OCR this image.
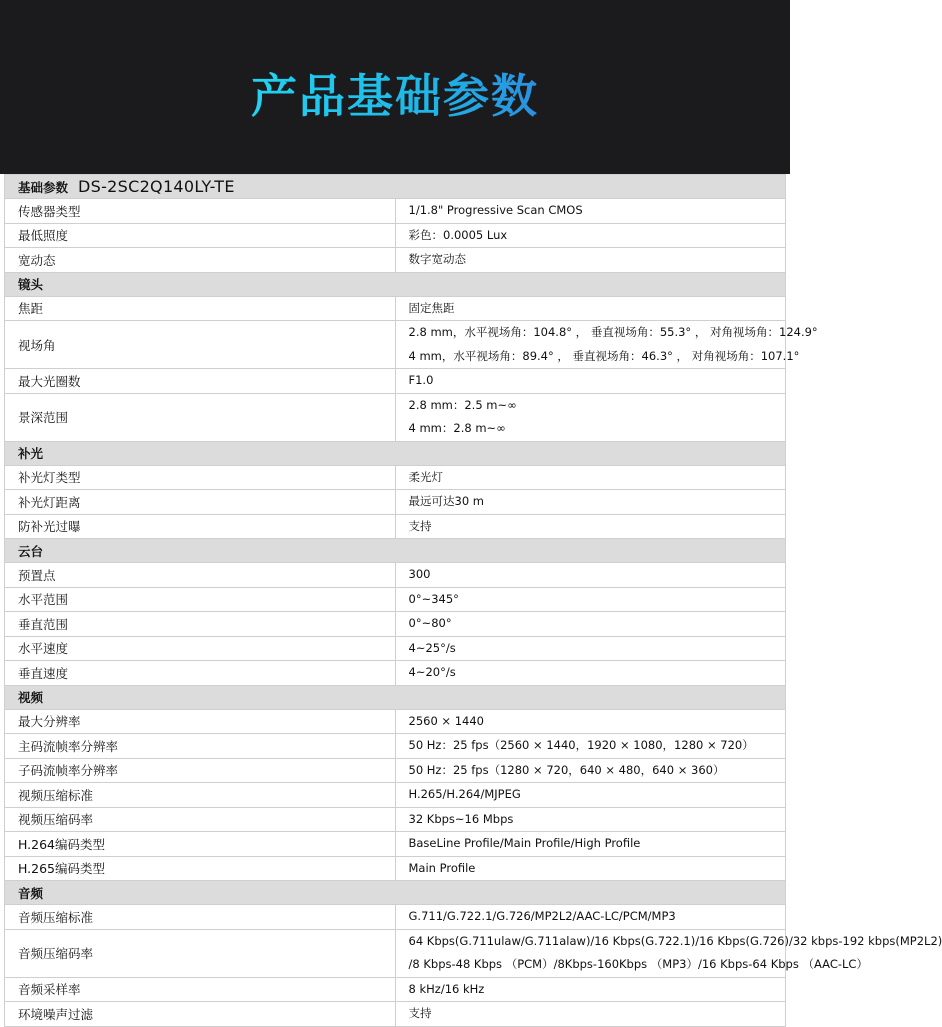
产品基础参数
基础参数 DS-2SC2Q140LY-TE	
传感器类型	1/1.8" Progressive Scan CMOS

最低照度	彩色：0.0005 Lux

宽动态	数字宽动态

镜头	
焦距	固定焦距

视场角	2.8 mm，水平视场角：104.8° ， 垂直视场角：55.3° ， 对角视场角：124.9°
4 mm，水平视场角：89.4° ， 垂直视场角：46.3° ， 对角视场角：107.1°

最大光圈数	F1.0

景深范围	2.8 mm：2.5 m~∞
4 mm：2.8 m~∞

补光	
补光灯类型	柔光灯

补光灯距离	最远可达30 m

防补光过曝	支持

云台	
预置点	300

水平范围	0°~345°

垂直范围	0°~80°

水平速度	4~25°/s

垂直速度	4~20°/s

视频	
最大分辨率	2560 × 1440

主码流帧率分辨率	50 Hz：25 fps（2560 × 1440，1920 × 1080，1280 × 720）

子码流帧率分辨率	50 Hz：25 fps（1280 × 720，640 × 480，640 × 360）

视频压缩标准	H.265/H.264/MJPEG

视频压缩码率	32 Kbps~16 Mbps

H.264编码类型	BaseLine Profile/Main Profile/High Profile

H.265编码类型	Main Profile

音频	
音频压缩标准	G.711/G.722.1/G.726/MP2L2/AAC-LC/PCM/MP3

音频压缩码率	64 Kbps(G.711ulaw/G.711alaw)/16 Kbps(G.722.1)/16 Kbps(G.726)/32 kbps-192 kbps(MP2L2)
/8 Kbps-48 Kbps （PCM）/8Kbps-160Kbps （MP3）/16 Kbps-64 Kbps （AAC-LC）

音频采样率	8 kHz/16 kHz

环境噪声过滤	支持
